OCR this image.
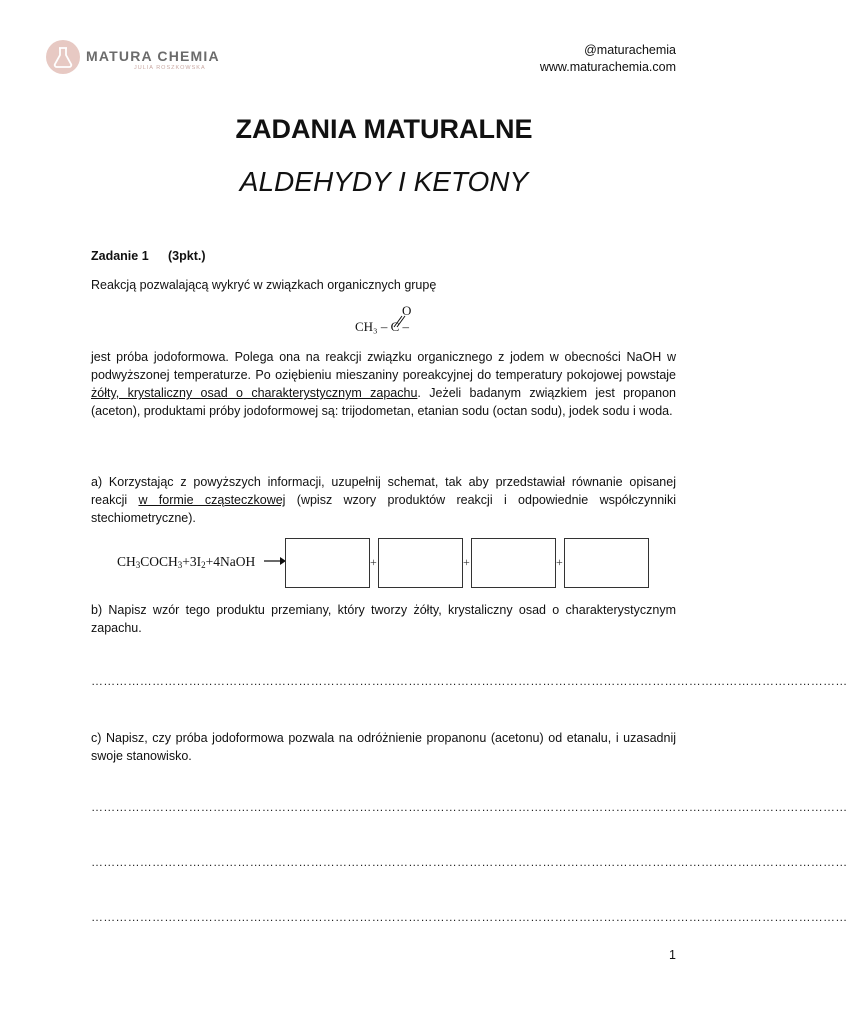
MATURA CHEMIA
JULIA ROSZKOWSKA
@maturachemia
www.maturachemia.com
ZADANIA MATURALNE
ALDEHYDY I KETONY
Zadanie 1 (3pkt.)
Reakcją pozwalającą wykryć w związkach organicznych grupę
O
CH₃ – C –
jest próba jodoformowa. Polega ona na reakcji związku organicznego z jodem w obecności NaOH w podwyższonej temperaturze. Po oziębieniu mieszaniny poreakcyjnej do temperatury pokojowej powstaje żółty, krystaliczny osad o charakterystycznym zapachu. Jeżeli badanym związkiem jest propanon (aceton), produktami próby jodoformowej są: trijodometan, etanian sodu (octan sodu), jodek sodu i woda.
a) Korzystając z powyższych informacji, uzupełnij schemat, tak aby przedstawiał równanie opisanej reakcji w formie cząsteczkowej (wpisz wzory produktów reakcji i odpowiednie współczynniki stechiometryczne).
$CH_3COCH_3+3I_2+4NaOH$ →	+	+	+
b) Napisz wzór tego produktu przemiany, który tworzy żółty, krystaliczny osad o charakterystycznym zapachu.
……………………………………………………………………………………………………………………………………………………………………
c) Napisz, czy próba jodoformowa pozwala na odróżnienie propanonu (acetonu) od etanalu, i uzasadnij swoje stanowisko.
……………………………………………………………………………………………………………………………………………………………………
……………………………………………………………………………………………………………………………………………………………………
……………………………………………………………………………………………………………………………………………………………………
1
